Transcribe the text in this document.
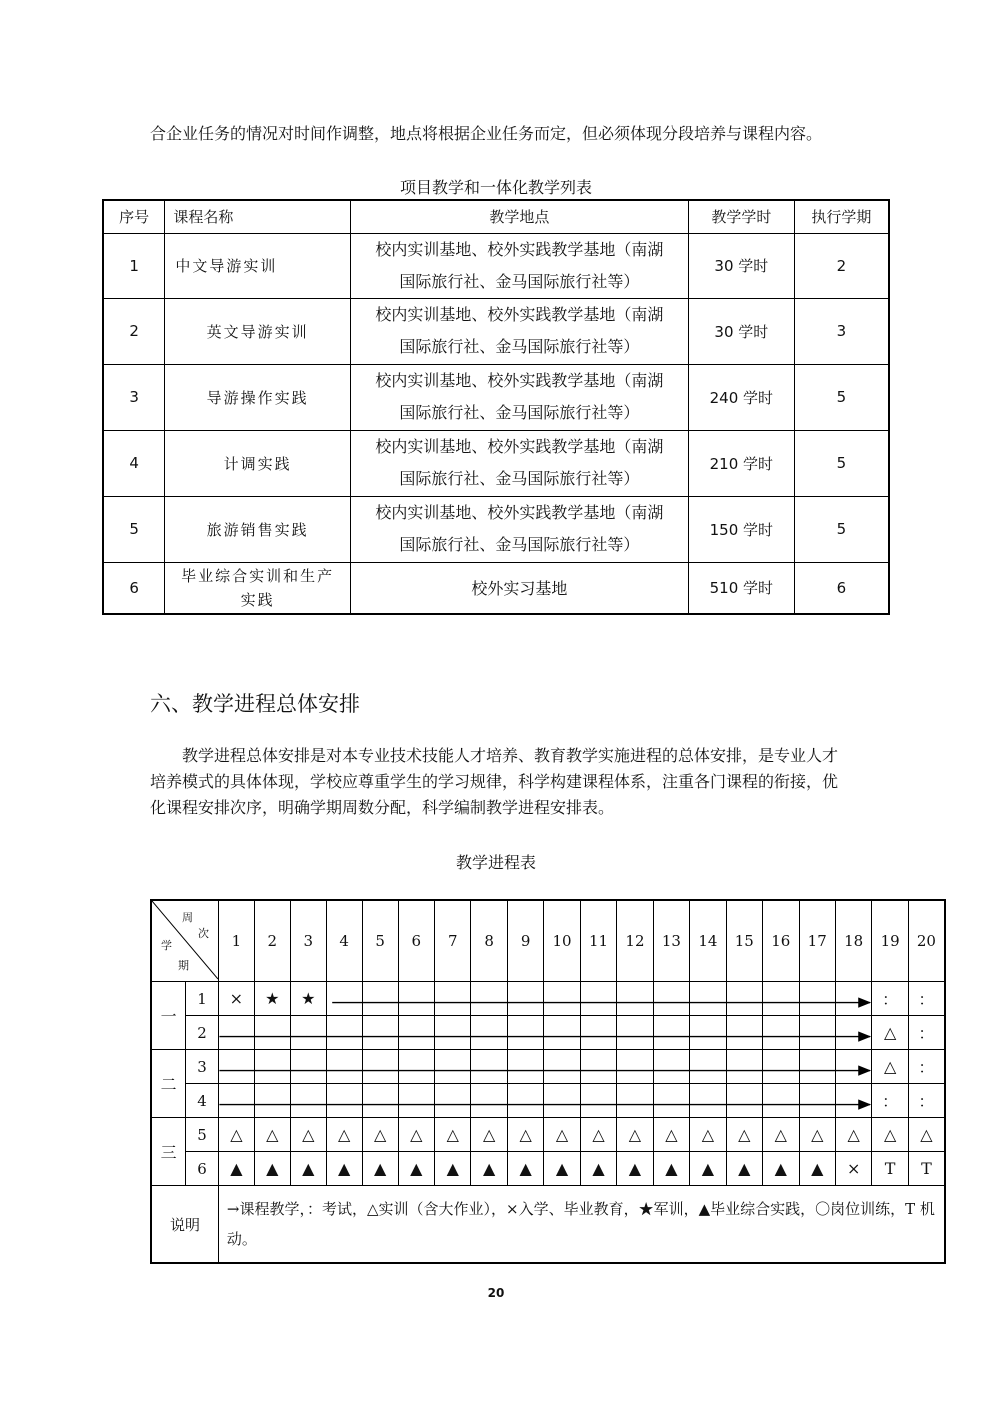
合企业任务的情况对时间作调整，地点将根据企业任务而定，但必须体现分段培养与课程内容。

项目教学和一体化教学列表
序号	课程名称	教学地点	教学学时	执行学期
1	中文导游实训	校内实训基地、校外实践教学基地（南湖
国际旅行社、金马国际旅行社等）	30 学时	2
2	英文导游实训	校内实训基地、校外实践教学基地（南湖
国际旅行社、金马国际旅行社等）	30 学时	3
3	导游操作实践	校内实训基地、校外实践教学基地（南湖
国际旅行社、金马国际旅行社等）	240 学时	5
4	计调实践	校内实训基地、校外实践教学基地（南湖
国际旅行社、金马国际旅行社等）	210 学时	5
5	旅游销售实践	校内实训基地、校外实践教学基地（南湖
国际旅行社、金马国际旅行社等）	150 学时	5
6	毕业综合实训和生产
实践	校外实习基地	510 学时	6
六、教学进程总体安排

教学进程总体安排是对本专业技术技能人才培养、教育教学实施进程的总体安排，是专业人才培养模式的具体体现，学校应尊重学生的学习规律，科学构建课程体系，注重各门课程的衔接，优化课程安排次序，明确学期周数分配，科学编制教学进程安排表。

教学进程表
周
次
学
期		1	2	3	4	5	6	7	8	9	10	11	12	13	14	15	16	17	18	19	20
一	1	×	★	★																：	：
	2																			△	：
二	3																			△	：
	4																			：	：
三	5	△	△	△	△	△	△	△	△	△	△	△	△	△	△	△	△	△	△	△	△
	6	▲	▲	▲	▲	▲	▲	▲	▲	▲	▲	▲	▲	▲	▲	▲	▲	▲	×	T	T
说明		→课程教学，：考试，△实训（含大作业），×入学、毕业教育，★军训，▲毕业综合实践，〇岗位训练，T 机动。																			
20
